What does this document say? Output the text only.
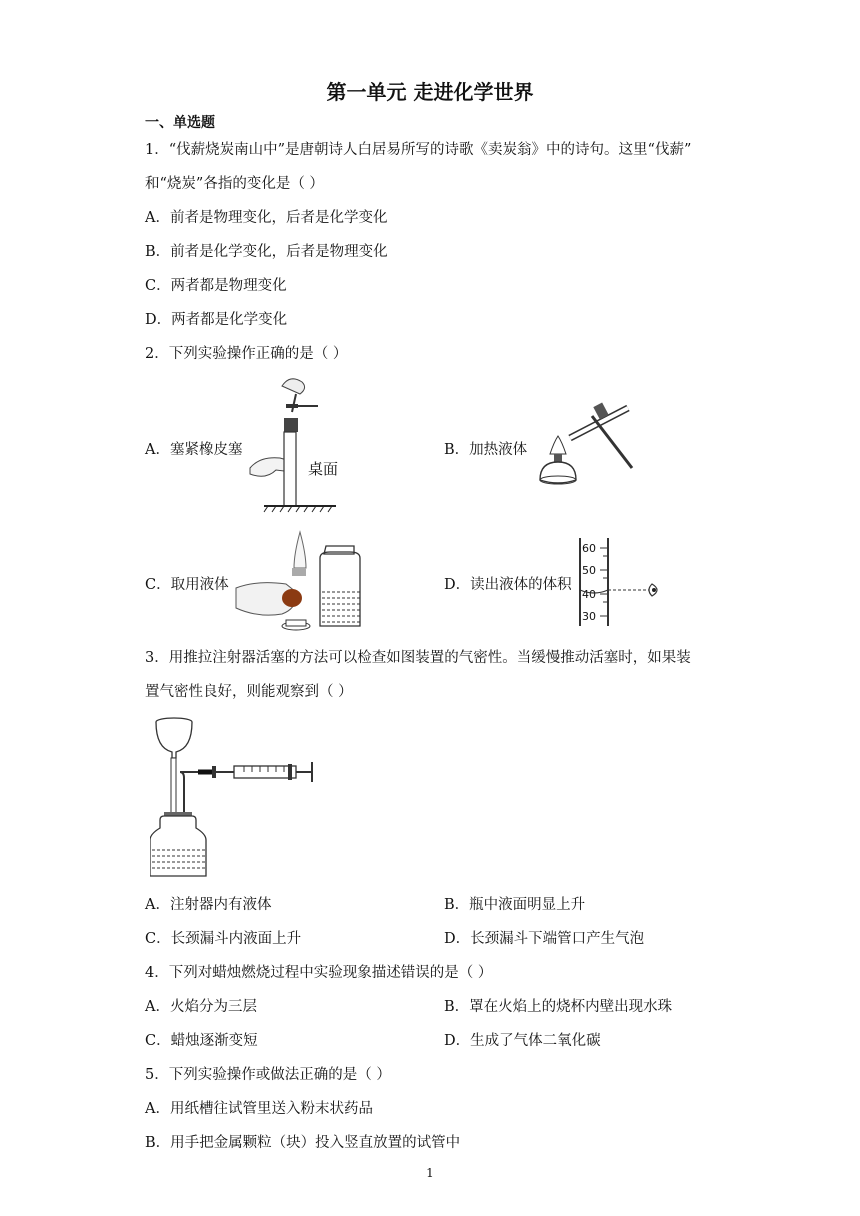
第一单元 走进化学世界
一、单选题
1．“伐薪烧炭南山中”是唐朝诗人白居易所写的诗歌《卖炭翁》中的诗句。这里“伐薪”
和“烧炭”各指的变化是（ ）
A．前者是物理变化，后者是化学变化
B．前者是化学变化，后者是物理变化
C．两者都是物理变化
D．两者都是化学变化
2．下列实验操作正确的是（ ）
A．塞紧橡皮塞	B．加热液体
C．取用液体	D．读出液体的体积
桌面
60
50
40
30
3．用推拉注射器活塞的方法可以检查如图装置的气密性。当缓慢推动活塞时，如果装
置气密性良好，则能观察到（ ）
A．注射器内有液体	B．瓶中液面明显上升
C．长颈漏斗内液面上升	D．长颈漏斗下端管口产生气泡
4．下列对蜡烛燃烧过程中实验现象描述错误的是（ ）
A．火焰分为三层	B．罩在火焰上的烧杯内壁出现水珠
C．蜡烛逐渐变短	D．生成了气体二氧化碳
5．下列实验操作或做法正确的是（ ）
A．用纸槽往试管里送入粉末状药品
B．用手把金属颗粒（块）投入竖直放置的试管中
1
